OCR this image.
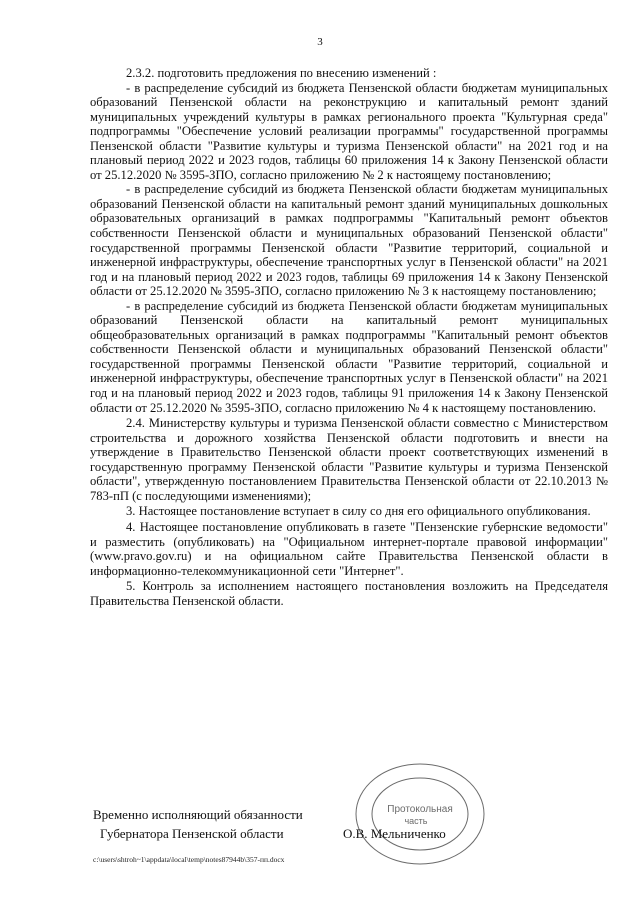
3

2.3.2. подготовить предложения по внесению изменений :

- в распределение субсидий из бюджета Пензенской области бюджетам муниципальных образований Пензенской области на реконструкцию и капитальный ремонт зданий муниципальных учреждений культуры в рамках регионального проекта "Культурная среда" подпрограммы "Обеспечение условий реализации программы" государственной программы Пензенской области "Развитие культуры и туризма Пензенской области" на 2021 год и на плановый период 2022 и 2023 годов, таблицы 60 приложения 14 к Закону Пензенской области от 25.12.2020 № 3595-ЗПО, согласно приложению № 2 к настоящему постановлению;

- в распределение субсидий из бюджета Пензенской области бюджетам муниципальных образований Пензенской области на капитальный ремонт зданий муниципальных дошкольных образовательных организаций в рамках подпрограммы "Капитальный ремонт объектов собственности Пензенской области и муниципальных образований Пензенской области" государственной программы Пензенской области "Развитие территорий, социальной и инженерной инфраструктуры, обеспечение транспортных услуг в Пензенской области" на 2021 год и на плановый период 2022 и 2023 годов, таблицы 69 приложения 14 к Закону Пензенской области от 25.12.2020 № 3595-ЗПО, согласно приложению № 3 к настоящему постановлению;

- в распределение субсидий из бюджета Пензенской области бюджетам муниципальных образований Пензенской области на капитальный ремонт муниципальных общеобразовательных организаций в рамках подпрограммы "Капитальный ремонт объектов собственности Пензенской области и муниципальных образований Пензенской области" государственной программы Пензенской области "Развитие территорий, социальной и инженерной инфраструктуры, обеспечение транспортных услуг в Пензенской области" на 2021 год и на плановый период 2022 и 2023 годов, таблицы 91 приложения 14 к Закону Пензенской области от 25.12.2020 № 3595-ЗПО, согласно приложению № 4 к настоящему постановлению.

2.4. Министерству культуры и туризма Пензенской области совместно с Министерством строительства и дорожного хозяйства Пензенской области подготовить и внести на утверждение в Правительство Пензенской области проект соответствующих изменений в государственную программу Пензенской области "Развитие культуры и туризма Пензенской области", утвержденную постановлением Правительства Пензенской области от 22.10.2013 № 783-пП (с последующими изменениями);

3. Настоящее постановление вступает в силу со дня его официального опубликования.

4. Настоящее постановление опубликовать в газете "Пензенские губернские ведомости" и разместить (опубликовать) на "Официальном интернет-портале правовой информации" (www.pravo.gov.ru) и на официальном сайте Правительства Пензенской области в информационно-телекоммуникационной сети "Интернет".

5. Контроль за исполнением настоящего постановления возложить на Председателя Правительства Пензенской области.

Протокольная
часть
Временно исполняющий обязанности
Губернатора Пензенской области	О.В. Мельниченко
c:\users\shtroh~1\appdata\local\temp\notes87944b\357-пп.docx
